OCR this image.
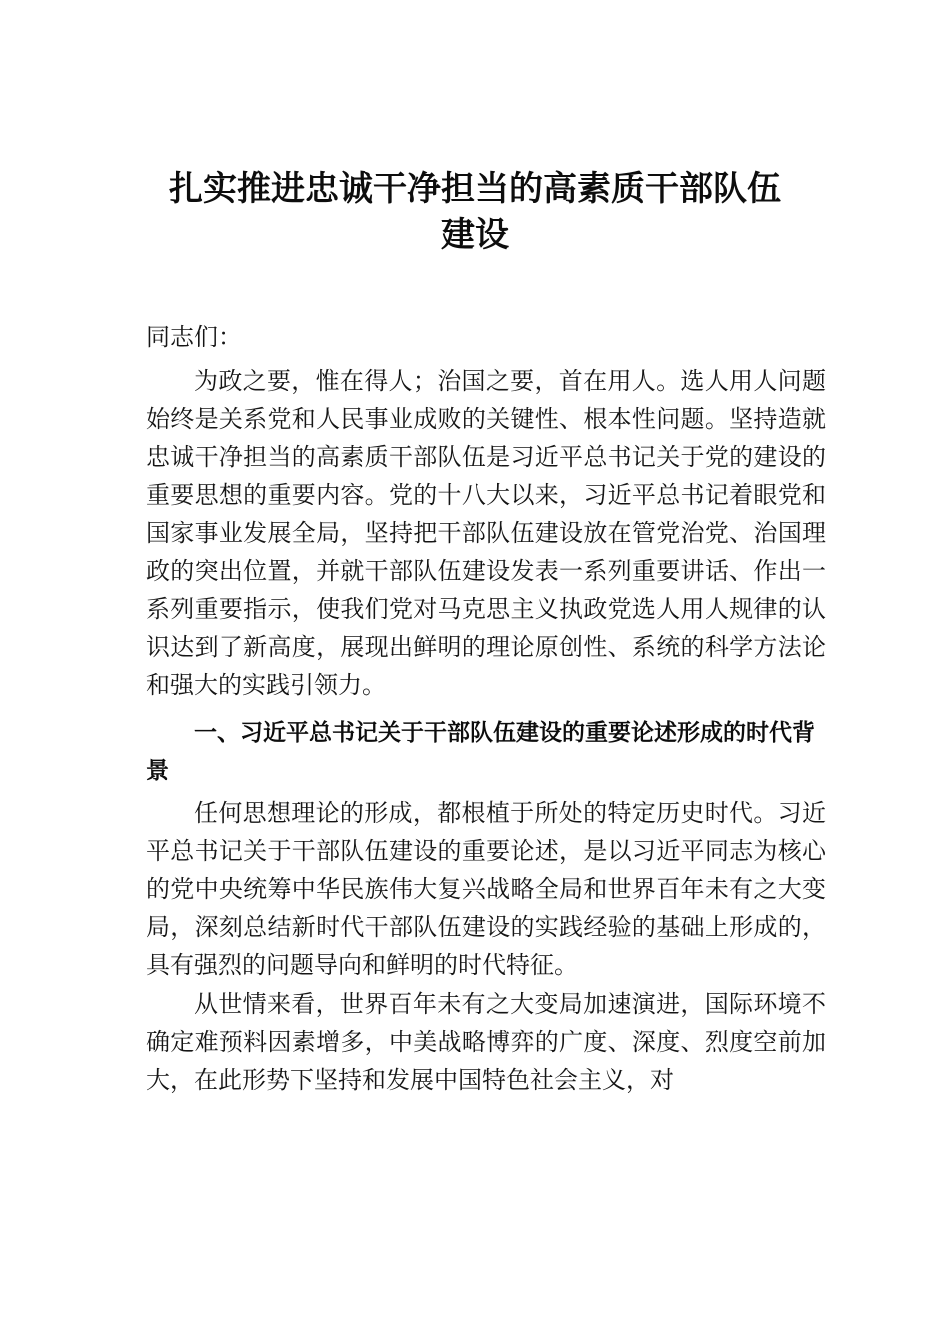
扎实推进忠诚干净担当的高素质干部队伍
建设
同志们：

为政之要，惟在得人；治国之要，首在用人。选人用人问题始终是关系党和人民事业成败的关键性、根本性问题。坚持造就忠诚干净担当的高素质干部队伍是习近平总书记关于党的建设的重要思想的重要内容。党的十八大以来，习近平总书记着眼党和国家事业发展全局，坚持把干部队伍建设放在管党治党、治国理政的突出位置，并就干部队伍建设发表一系列重要讲话、作出一系列重要指示，使我们党对马克思主义执政党选人用人规律的认识达到了新高度，展现出鲜明的理论原创性、系统的科学方法论和强大的实践引领力。

一、习近平总书记关于干部队伍建设的重要论述形成的时代背景

任何思想理论的形成，都根植于所处的特定历史时代。习近平总书记关于干部队伍建设的重要论述，是以习近平同志为核心的党中央统筹中华民族伟大复兴战略全局和世界百年未有之大变局，深刻总结新时代干部队伍建设的实践经验的基础上形成的，具有强烈的问题导向和鲜明的时代特征。

从世情来看，世界百年未有之大变局加速演进，国际环境不确定难预料因素增多，中美战略博弈的广度、深度、烈度空前加大，在此形势下坚持和发展中国特色社会主义，对
